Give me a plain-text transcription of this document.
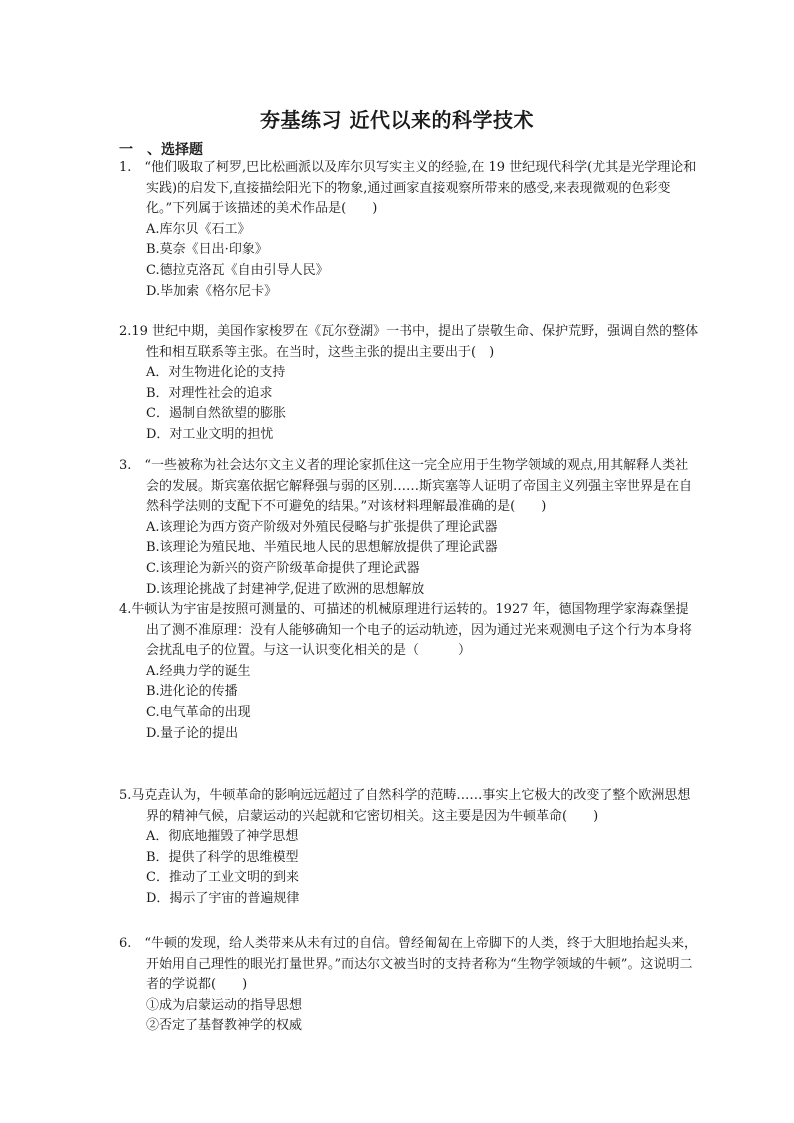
夯基练习 近代以来的科学技术
一　、选择题

1.　“他们吸取了柯罗,巴比松画派以及库尔贝写实主义的经验,在 19 世纪现代科学(尤其是光学理论和实践)的启发下,直接描绘阳光下的物象,通过画家直接观察所带来的感受,来表现微观的色彩变化。”下列属于该描述的美术作品是(　　)

A.库尔贝《石工》

B.莫奈《日出·印象》

C.德拉克洛瓦《自由引导人民》

D.毕加索《格尔尼卡》

2.19 世纪中期，美国作家梭罗在《瓦尔登湖》一书中，提出了崇敬生命、保护荒野，强调自然的整体性和相互联系等主张。在当时，这些主张的提出主要出于(　)

A．对生物进化论的支持

B．对理性社会的追求

C．遏制自然欲望的膨胀

D．对工业文明的担忧

3.　“一些被称为社会达尔文主义者的理论家抓住这一完全应用于生物学领域的观点,用其解释人类社会的发展。斯宾塞依据它解释强与弱的区别……斯宾塞等人证明了帝国主义列强主宰世界是在自然科学法则的支配下不可避免的结果。”对该材料理解最准确的是(　　)

A.该理论为西方资产阶级对外殖民侵略与扩张提供了理论武器

B.该理论为殖民地、半殖民地人民的思想解放提供了理论武器

C.该理论为新兴的资产阶级革命提供了理论武器

D.该理论挑战了封建神学,促进了欧洲的思想解放

4.牛顿认为宇宙是按照可测量的、可描述的机械原理进行运转的。1927 年，德国物理学家海森堡提出了测不准原理：没有人能够确知一个电子的运动轨迹，因为通过光来观测电子这个行为本身将会扰乱电子的位置。与这一认识变化相关的是（　　　）

A.经典力学的诞生

B.进化论的传播

C.电气革命的出现

D.量子论的提出

5.马克垚认为，牛顿革命的影响远远超过了自然科学的范畴……事实上它极大的改变了整个欧洲思想界的精神气候，启蒙运动的兴起就和它密切相关。这主要是因为牛顿革命(　　)

A．彻底地摧毁了神学思想

B．提供了科学的思维模型

C．推动了工业文明的到来

D．揭示了宇宙的普遍规律

6.　“牛顿的发现，给人类带来从未有过的自信。曾经匍匐在上帝脚下的人类，终于大胆地抬起头来，开始用自己理性的眼光打量世界。”而达尔文被当时的支持者称为“生物学领域的牛顿”。这说明二者的学说都(　　)

①成为启蒙运动的指导思想

②否定了基督教神学的权威
